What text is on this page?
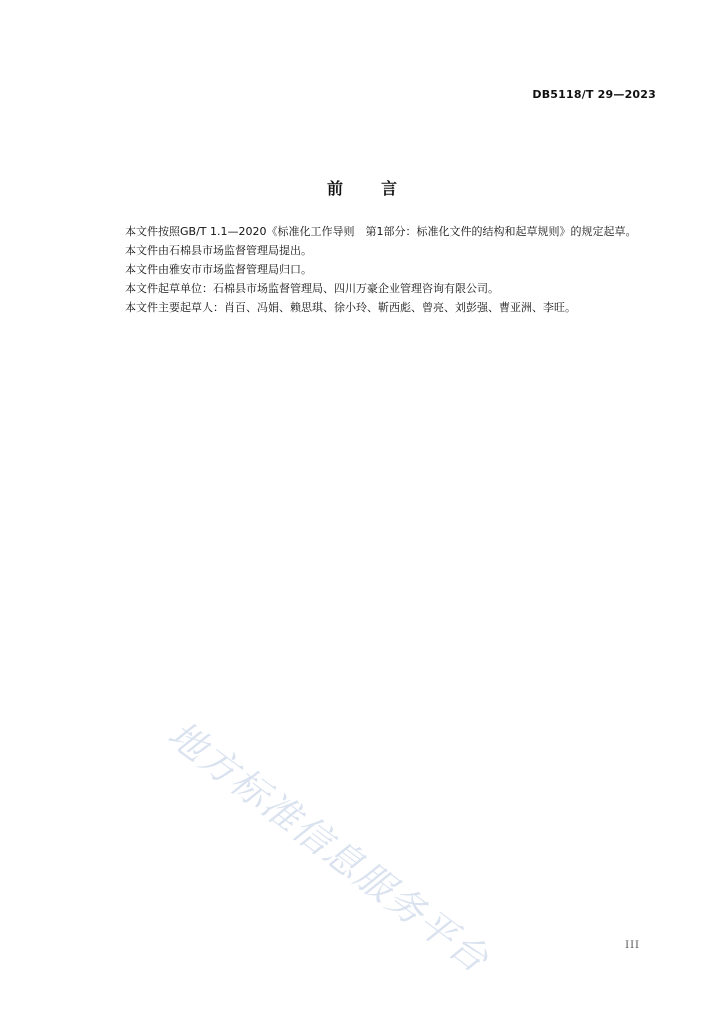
DB5118/T 29—2023
前言

本文件按照GB/T 1.1—2020《标准化工作导则　第1部分：标准化文件的结构和起草规则》的规定起草。

本文件由石棉县市场监督管理局提出。

本文件由雅安市市场监督管理局归口。

本文件起草单位：石棉县市场监督管理局、四川万豪企业管理咨询有限公司。

本文件主要起草人：肖百、冯娟、赖思琪、徐小玲、靳西彪、曾亮、刘彭强、曹亚洲、李旺。

地方标准信息服务平台	III
